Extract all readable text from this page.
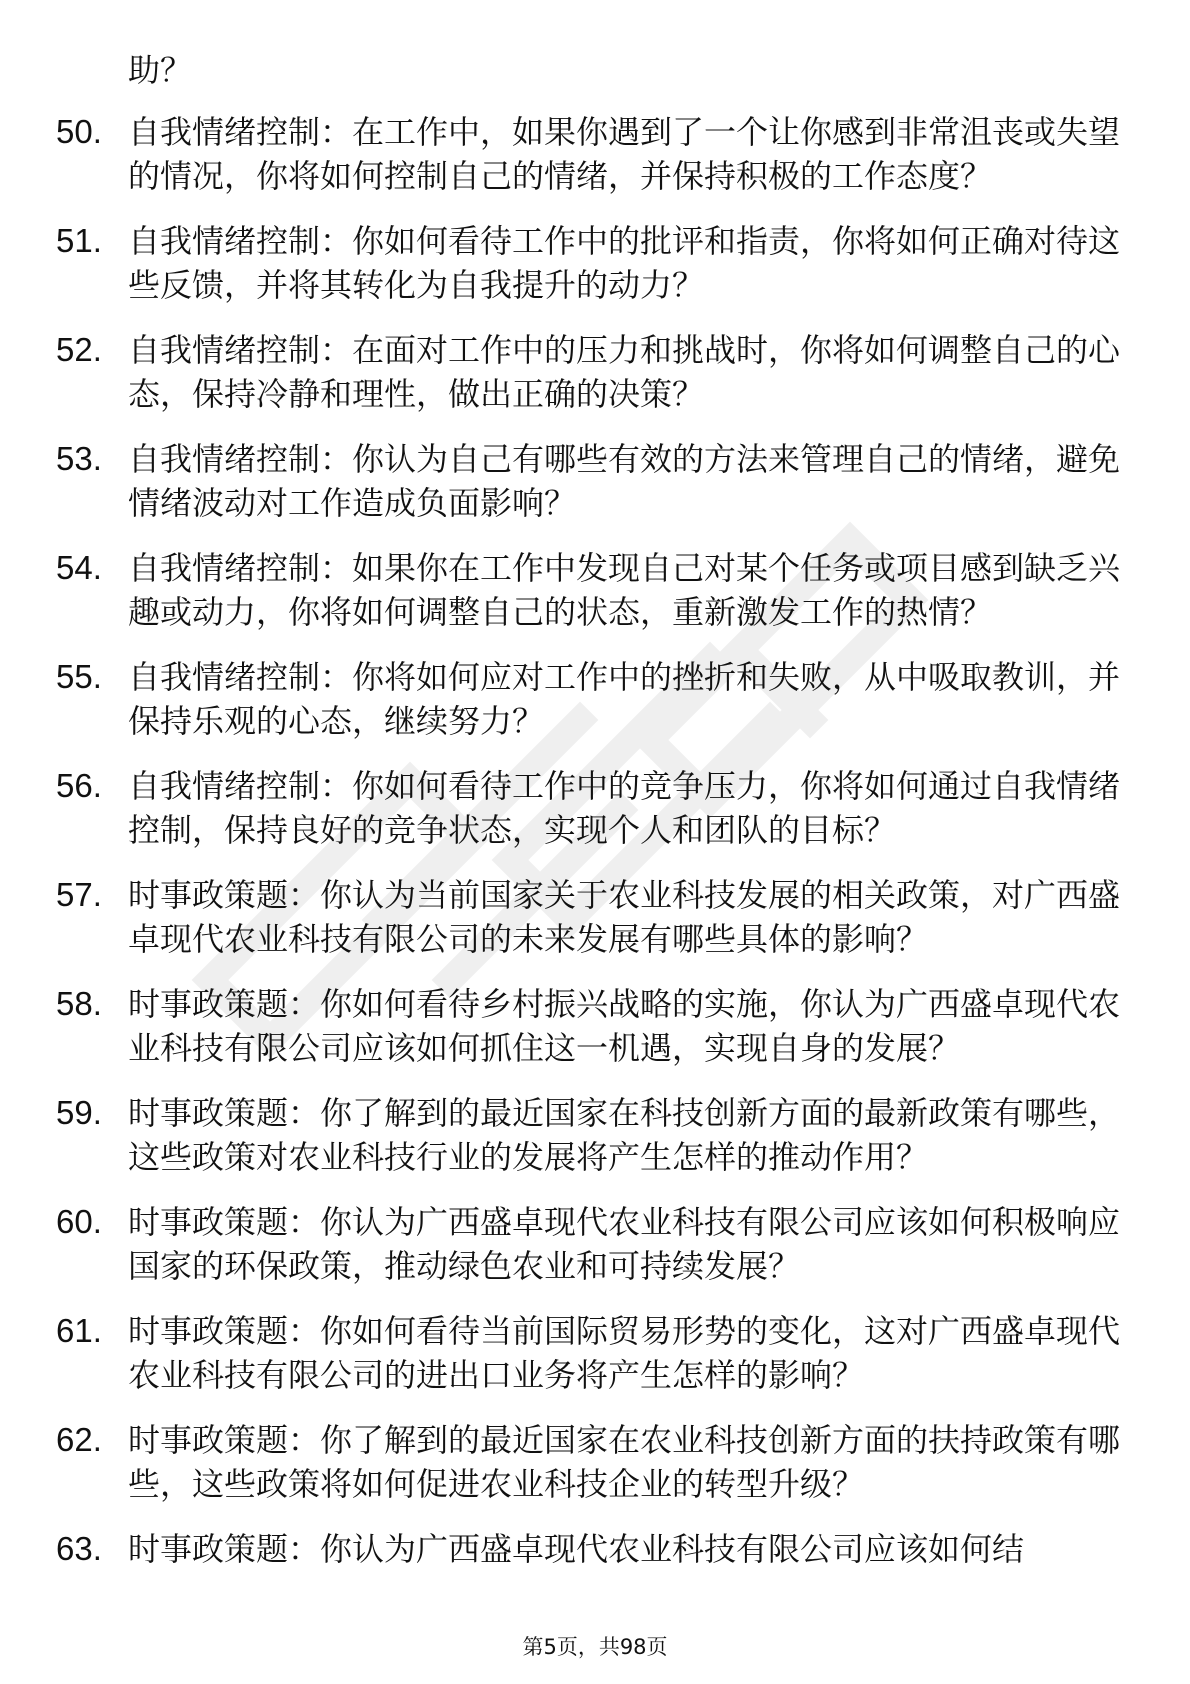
助？
50. 自我情绪控制：在工作中，如果你遇到了一个让你感到非常沮丧或失望的情况，你将如何控制自己的情绪，并保持积极的工作态度？
51. 自我情绪控制：你如何看待工作中的批评和指责，你将如何正确对待这些反馈，并将其转化为自我提升的动力？
52. 自我情绪控制：在面对工作中的压力和挑战时，你将如何调整自己的心态，保持冷静和理性，做出正确的决策？
53. 自我情绪控制：你认为自己有哪些有效的方法来管理自己的情绪，避免情绪波动对工作造成负面影响？
54. 自我情绪控制：如果你在工作中发现自己对某个任务或项目感到缺乏兴趣或动力，你将如何调整自己的状态，重新激发工作的热情？
55. 自我情绪控制：你将如何应对工作中的挫折和失败，从中吸取教训，并保持乐观的心态，继续努力？
56. 自我情绪控制：你如何看待工作中的竞争压力，你将如何通过自我情绪控制，保持良好的竞争状态，实现个人和团队的目标？
57. 时事政策题：你认为当前国家关于农业科技发展的相关政策，对广西盛卓现代农业科技有限公司的未来发展有哪些具体的影响？
58. 时事政策题：你如何看待乡村振兴战略的实施，你认为广西盛卓现代农业科技有限公司应该如何抓住这一机遇，实现自身的发展？
59. 时事政策题：你了解到的最近国家在科技创新方面的最新政策有哪些，这些政策对农业科技行业的发展将产生怎样的推动作用？
60. 时事政策题：你认为广西盛卓现代农业科技有限公司应该如何积极响应国家的环保政策，推动绿色农业和可持续发展？
61. 时事政策题：你如何看待当前国际贸易形势的变化，这对广西盛卓现代农业科技有限公司的进出口业务将产生怎样的影响？
62. 时事政策题：你了解到的最近国家在农业科技创新方面的扶持政策有哪些，这些政策将如何促进农业科技企业的转型升级？
63. 时事政策题：你认为广西盛卓现代农业科技有限公司应该如何结
第5页，共98页
